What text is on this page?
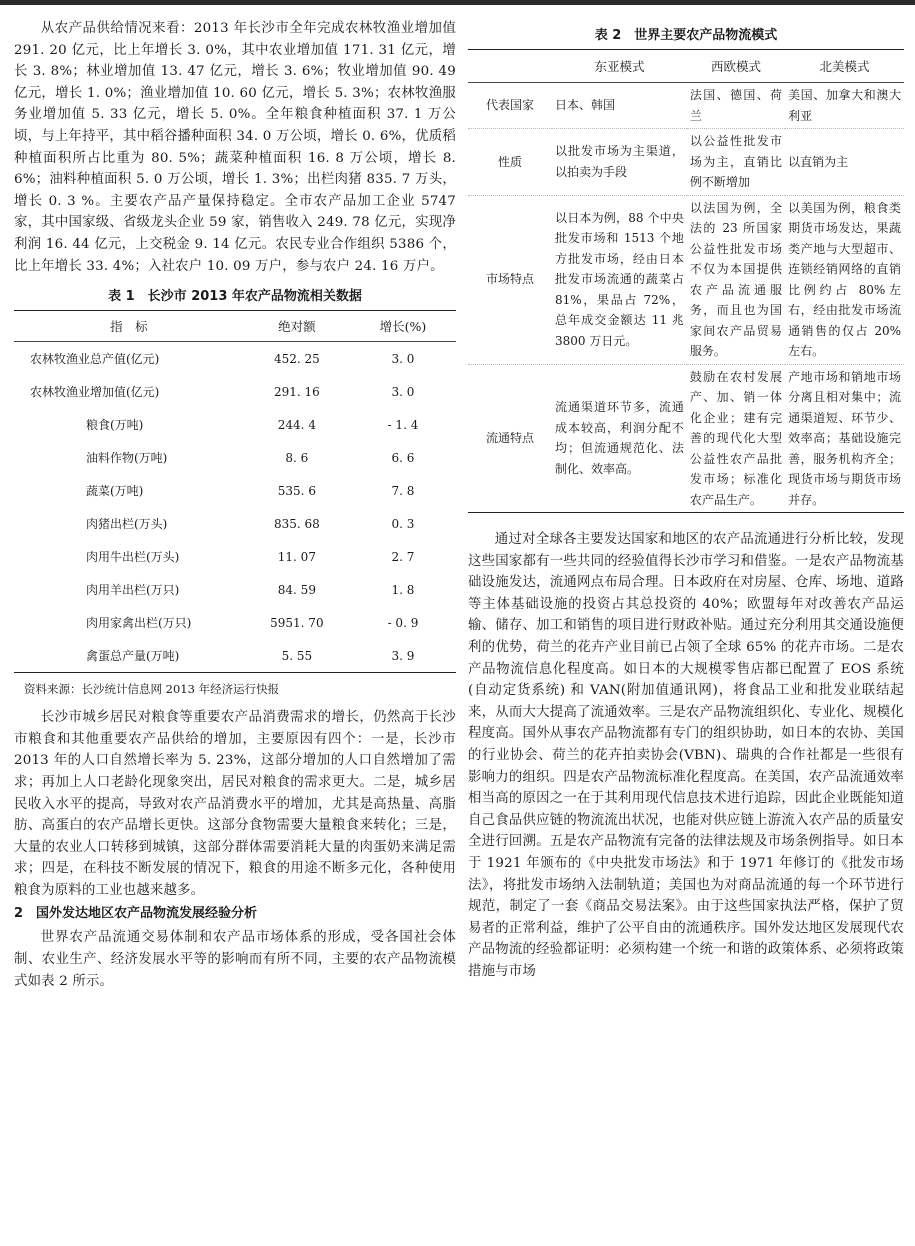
从农产品供给情况来看：2013 年长沙市全年完成农林牧渔业增加值 291. 20 亿元，比上年增长 3. 0%，其中农业增加值 171. 31 亿元，增长 3. 8%；林业增加值 13. 47 亿元，增长 3. 6%；牧业增加值 90. 49 亿元，增长 1. 0%；渔业增加值 10. 60 亿元，增长 5. 3%；农林牧渔服务业增加值 5. 33 亿元，增长 5. 0%。全年粮食种植面积 37. 1 万公顷，与上年持平，其中稻谷播种面积 34. 0 万公顷，增长 0. 6%，优质稻种植面积所占比重为 80. 5%；蔬菜种植面积 16. 8 万公顷，增长 8. 6%；油料种植面积 5. 0 万公顷，增长 1. 3%；出栏肉猪 835. 7 万头，增长 0. 3 %。主要农产品产量保持稳定。全市农产品加工企业 5747 家，其中国家级、省级龙头企业 59 家，销售收入 249. 78 亿元，实现净利润 16. 44 亿元，上交税金 9. 14 亿元。农民专业合作组织 5386 个，比上年增长 33. 4%；入社农户 10. 09 万户，参与农户 24. 16 万户。

表 1　长沙市 2013 年农产品物流相关数据
指　标	绝对额	增长(%)
农林牧渔业总产值(亿元)	452. 25	3. 0
农林牧渔业增加值(亿元)	291. 16	3. 0
粮食(万吨)	244. 4	- 1. 4
油料作物(万吨)	8. 6	6. 6
蔬菜(万吨)	535. 6	7. 8
肉猪出栏(万头)	835. 68	0. 3
肉用牛出栏(万头)	11. 07	2. 7
肉用羊出栏(万只)	84. 59	1. 8
肉用家禽出栏(万只)	5951. 70	- 0. 9
禽蛋总产量(万吨)	5. 55	3. 9
资料来源：长沙统计信息网 2013 年经济运行快报

长沙市城乡居民对粮食等重要农产品消费需求的增长，仍然高于长沙市粮食和其他重要农产品供给的增加，主要原因有四个：一是，长沙市 2013 年的人口自然增长率为 5. 23%，这部分增加的人口自然增加了需求；再加上人口老龄化现象突出，居民对粮食的需求更大。二是，城乡居民收入水平的提高，导致对农产品消费水平的增加，尤其是高热量、高脂肪、高蛋白的农产品增长更快。这部分食物需要大量粮食来转化；三是，大量的农业人口转移到城镇，这部分群体需要消耗大量的肉蛋奶来满足需求；四是，在科技不断发展的情况下，粮食的用途不断多元化，各种使用粮食为原料的工业也越来越多。

2　国外发达地区农产品物流发展经验分析

世界农产品流通交易体制和农产品市场体系的形成，受各国社会体制、农业生产、经济发展水平等的影响而有所不同，主要的农产品物流模式如表 2 所示。

表 2　世界主要农产品物流模式
	东亚模式	西欧模式	北美模式
代表国家	日本、韩国	法国、德国、荷兰	美国、加拿大和澳大利亚
性质	以批发市场为主渠道，以拍卖为手段	以公益性批发市场为主，直销比例不断增加	以直销为主
市场特点	以日本为例，88 个中央批发市场和 1513 个地方批发市场，经由日本批发市场流通的蔬菜占 81%，果品占 72%，总年成交金额达 11 兆 3800 万日元。	以法国为例，全法的 23 所国家公益性批发市场不仅为本国提供农产品流通服务，而且也为国家间农产品贸易服务。	以美国为例，粮食类期货市场发达，果蔬类产地与大型超市、连锁经销网络的直销比例约占 80%左右，经由批发市场流通销售的仅占 20%左右。
流通特点	流通渠道环节多，流通成本较高，利润分配不均；但流通规范化、法制化、效率高。	鼓励在农村发展产、加、销一体化企业；建有完善的现代化大型公益性农产品批发市场；标准化农产品生产。	产地市场和销地市场分离且相对集中；流通渠道短、环节少、效率高；基础设施完善，服务机构齐全；现货市场与期货市场并存。

通过对全球各主要发达国家和地区的农产品流通进行分析比较，发现这些国家都有一些共同的经验值得长沙市学习和借鉴。一是农产品物流基础设施发达，流通网点布局合理。日本政府在对房屋、仓库、场地、道路等主体基础设施的投资占其总投资的 40%；欧盟每年对改善农产品运输、储存、加工和销售的项目进行财政补贴。通过充分利用其交通设施便利的优势，荷兰的花卉产业目前已占领了全球 65% 的花卉市场。二是农产品物流信息化程度高。如日本的大规模零售店都已配置了 EOS 系统(自动定货系统) 和 VAN(附加值通讯网)，将食品工业和批发业联结起来，从而大大提高了流通效率。三是农产品物流组织化、专业化、规模化程度高。国外从事农产品物流都有专门的组织协助，如日本的农协、美国的行业协会、荷兰的花卉拍卖协会(VBN)、瑞典的合作社都是一些很有影响力的组织。四是农产品物流标准化程度高。在美国，农产品流通效率相当高的原因之一在于其利用现代信息技术进行追踪，因此企业既能知道自己食品供应链的物流流出状况，也能对供应链上游流入农产品的质量安全进行回溯。五是农产品物流有完备的法律法规及市场条例指导。如日本于 1921 年颁布的《中央批发市场法》和于 1971 年修订的《批发市场法》，将批发市场纳入法制轨道；美国也为对商品流通的每一个环节进行规范，制定了一套《商品交易法案》。由于这些国家执法严格，保护了贸易者的正常利益，维护了公平自由的流通秩序。国外发达地区发展现代农产品物流的经验都证明：必须构建一个统一和谐的政策体系、必须将政策措施与市场
